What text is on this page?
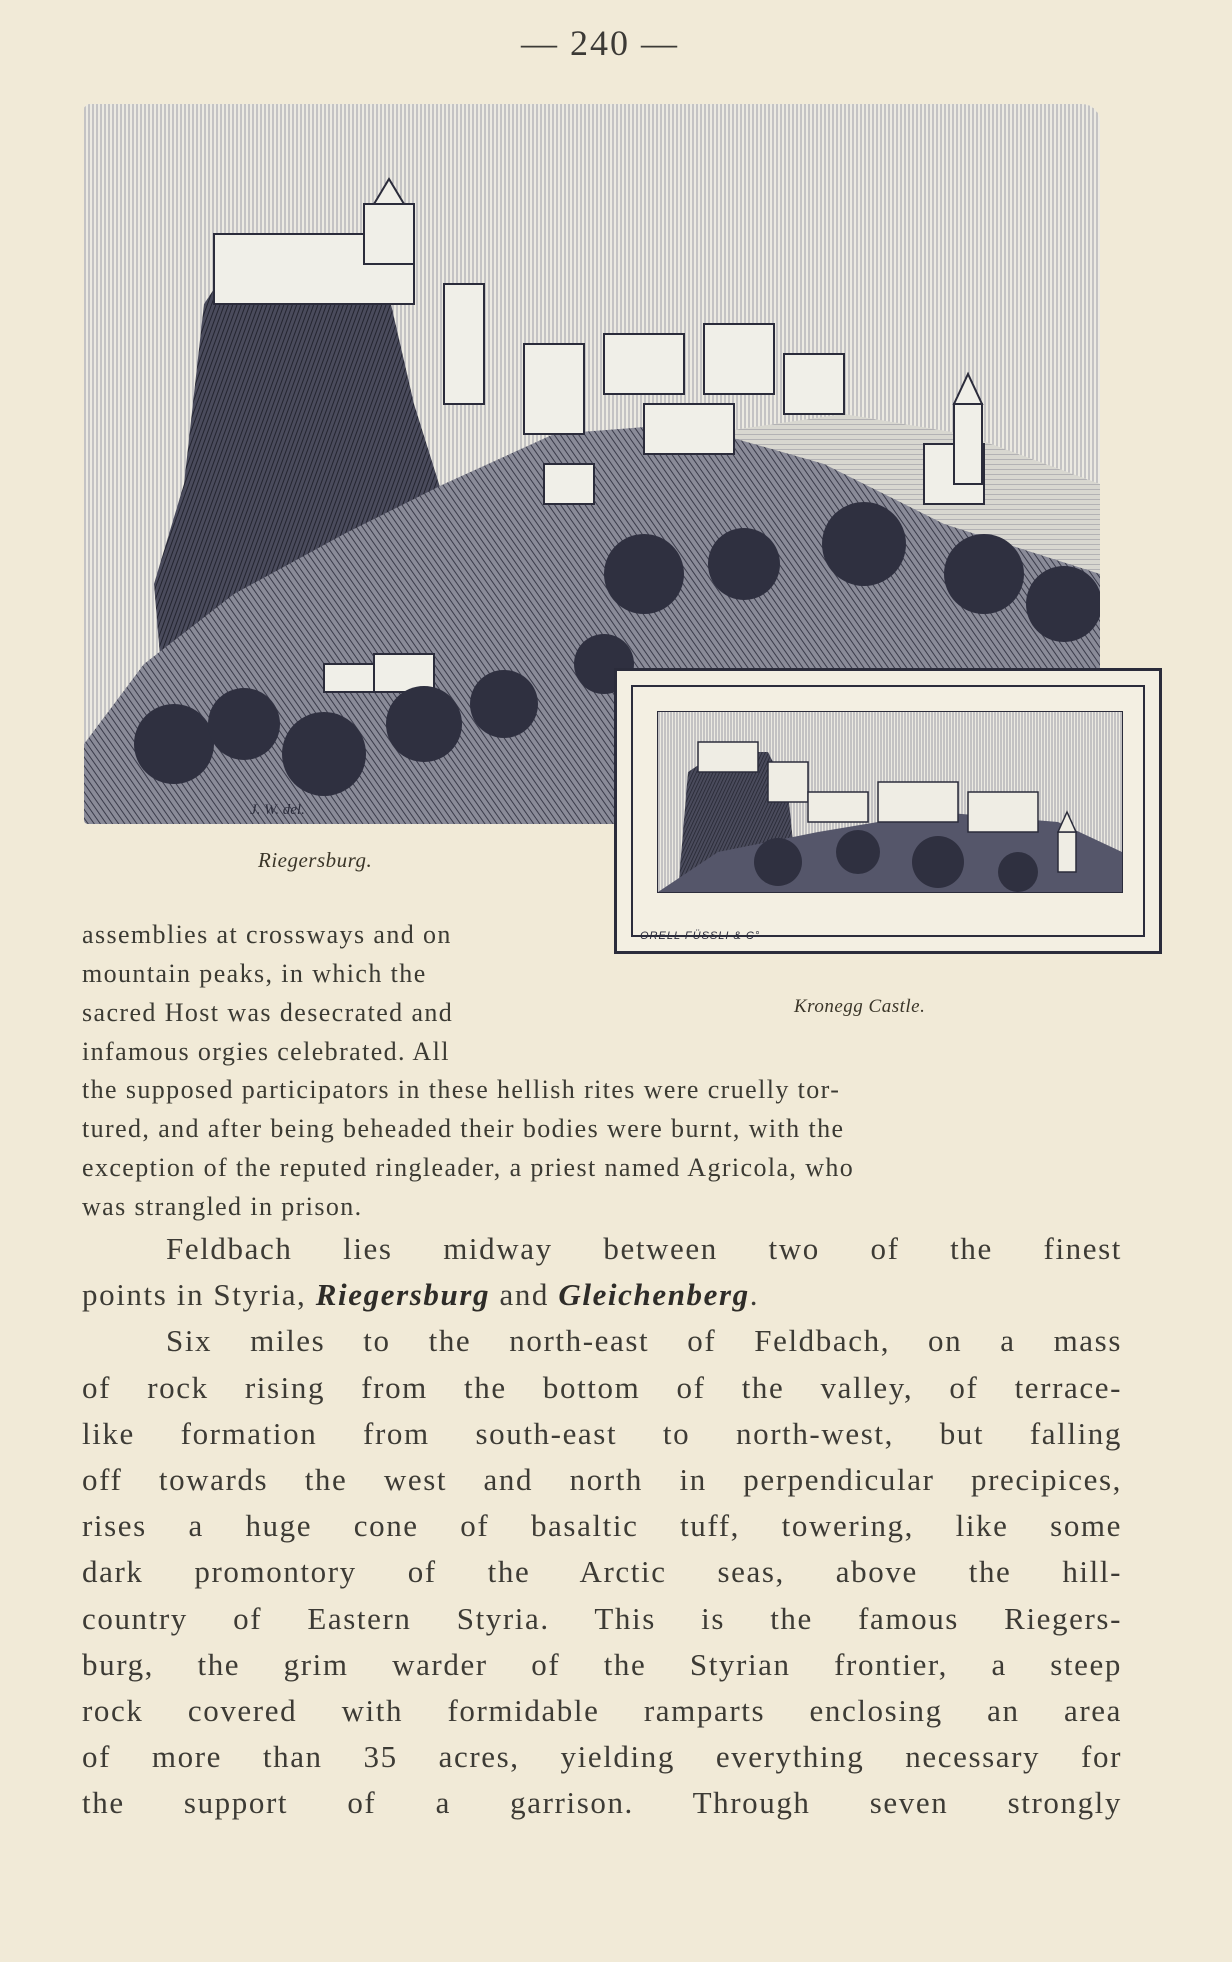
— 240 —
J. W. del.
ORELL FÜSSLI & C°
Riegersburg.
Kronegg Castle.
assemblies at crossways and on
mountain peaks, in which the
sacred Host was desecrated and
infamous orgies celebrated. All
the supposed participators in these hellish rites were cruelly tor-
tured, and after being beheaded their bodies were burnt, with the
exception of the reputed ringleader, a priest named Agricola, who
was strangled in prison.
Feldbach lies midway between two of the finest
points in Styria, Riegersburg and Gleichenberg.
Six miles to the north-east of Feldbach, on a mass
of rock rising from the bottom of the valley, of terrace-
like formation from south-east to north-west, but falling
off towards the west and north in perpendicular precipices,
rises a huge cone of basaltic tuff, towering, like some
dark promontory of the Arctic seas, above the hill-
country of Eastern Styria. This is the famous Riegers-
burg, the grim warder of the Styrian frontier, a steep
rock covered with formidable ramparts enclosing an area
of more than 35 acres, yielding everything necessary for
the support of a garrison. Through seven strongly
